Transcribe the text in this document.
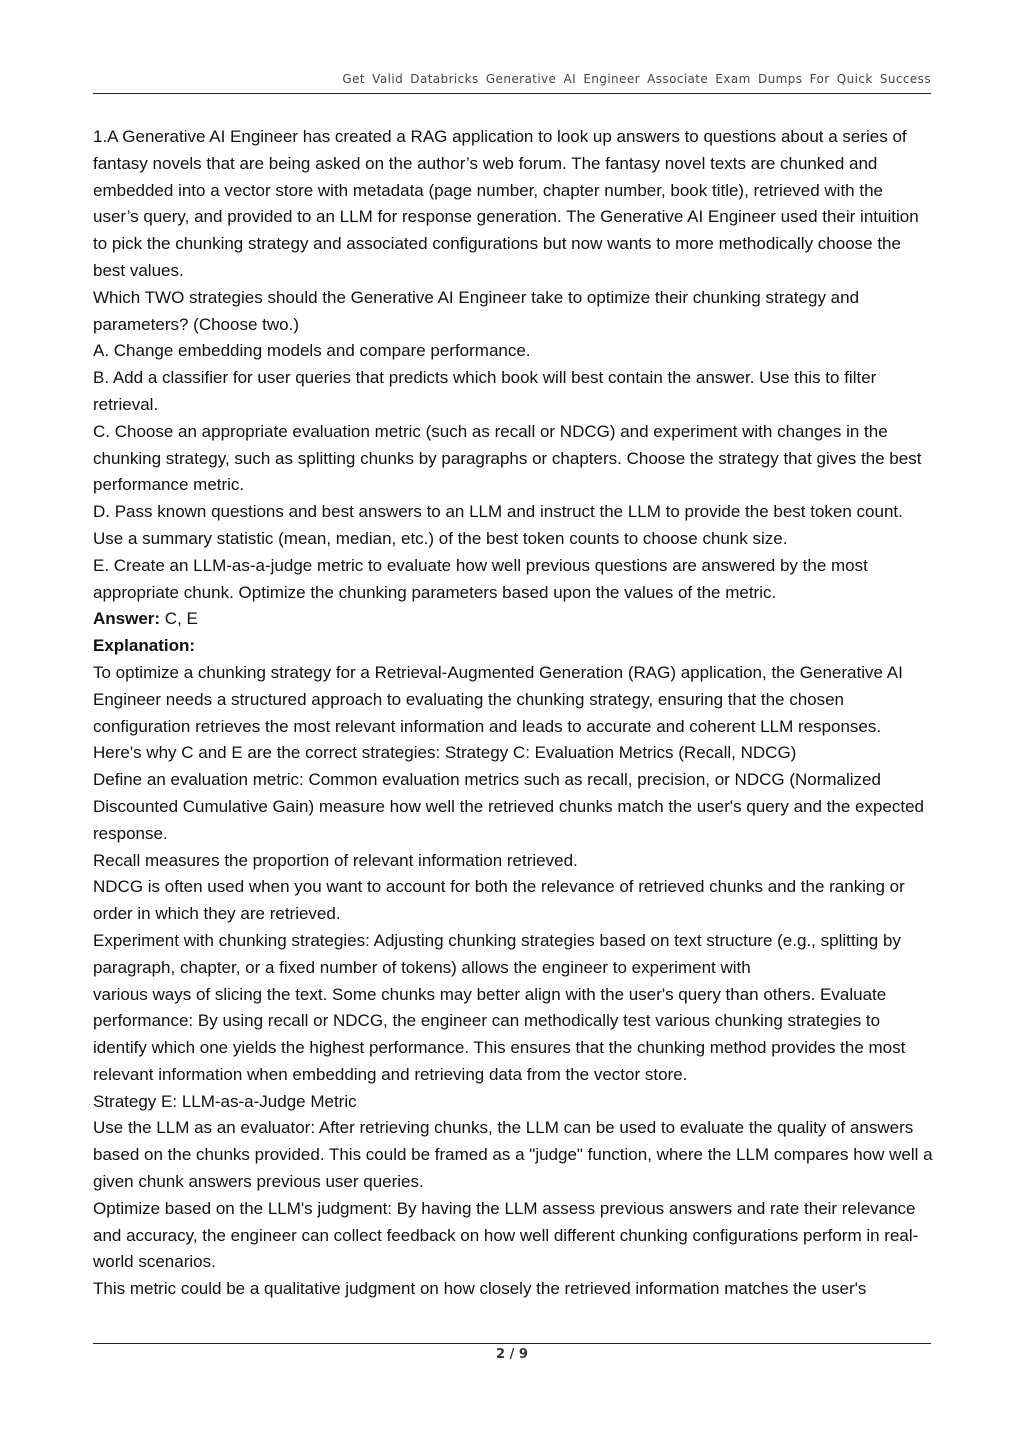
Get Valid Databricks Generative AI Engineer Associate Exam Dumps For Quick Success

1.A Generative AI Engineer has created a RAG application to look up answers to questions about a series of fantasy novels that are being asked on the author’s web forum. The fantasy novel texts are chunked and embedded into a vector store with metadata (page number, chapter number, book title), retrieved with the user’s query, and provided to an LLM for response generation. The Generative AI Engineer used their intuition to pick the chunking strategy and associated configurations but now wants to more methodically choose the best values.

Which TWO strategies should the Generative AI Engineer take to optimize their chunking strategy and parameters? (Choose two.)

A. Change embedding models and compare performance.

B. Add a classifier for user queries that predicts which book will best contain the answer. Use this to filter retrieval.

C. Choose an appropriate evaluation metric (such as recall or NDCG) and experiment with changes in the chunking strategy, such as splitting chunks by paragraphs or chapters. Choose the strategy that gives the best performance metric.

D. Pass known questions and best answers to an LLM and instruct the LLM to provide the best token count. Use a summary statistic (mean, median, etc.) of the best token counts to choose chunk size.

E. Create an LLM-as-a-judge metric to evaluate how well previous questions are answered by the most appropriate chunk. Optimize the chunking parameters based upon the values of the metric.

Answer: C, E

Explanation:

To optimize a chunking strategy for a Retrieval-Augmented Generation (RAG) application, the Generative AI Engineer needs a structured approach to evaluating the chunking strategy, ensuring that the chosen configuration retrieves the most relevant information and leads to accurate and coherent LLM responses.

Here's why C and E are the correct strategies: Strategy C: Evaluation Metrics (Recall, NDCG)

Define an evaluation metric: Common evaluation metrics such as recall, precision, or NDCG (Normalized Discounted Cumulative Gain) measure how well the retrieved chunks match the user's query and the expected response.

Recall measures the proportion of relevant information retrieved.

NDCG is often used when you want to account for both the relevance of retrieved chunks and the ranking or order in which they are retrieved.

Experiment with chunking strategies: Adjusting chunking strategies based on text structure (e.g., splitting by paragraph, chapter, or a fixed number of tokens) allows the engineer to experiment with

various ways of slicing the text. Some chunks may better align with the user's query than others. Evaluate performance: By using recall or NDCG, the engineer can methodically test various chunking strategies to identify which one yields the highest performance. This ensures that the chunking method provides the most relevant information when embedding and retrieving data from the vector store.

Strategy E: LLM-as-a-Judge Metric

Use the LLM as an evaluator: After retrieving chunks, the LLM can be used to evaluate the quality of answers based on the chunks provided. This could be framed as a "judge" function, where the LLM compares how well a given chunk answers previous user queries.

Optimize based on the LLM's judgment: By having the LLM assess previous answers and rate their relevance and accuracy, the engineer can collect feedback on how well different chunking configurations perform in real-world scenarios.

This metric could be a qualitative judgment on how closely the retrieved information matches the user's

2 / 9
